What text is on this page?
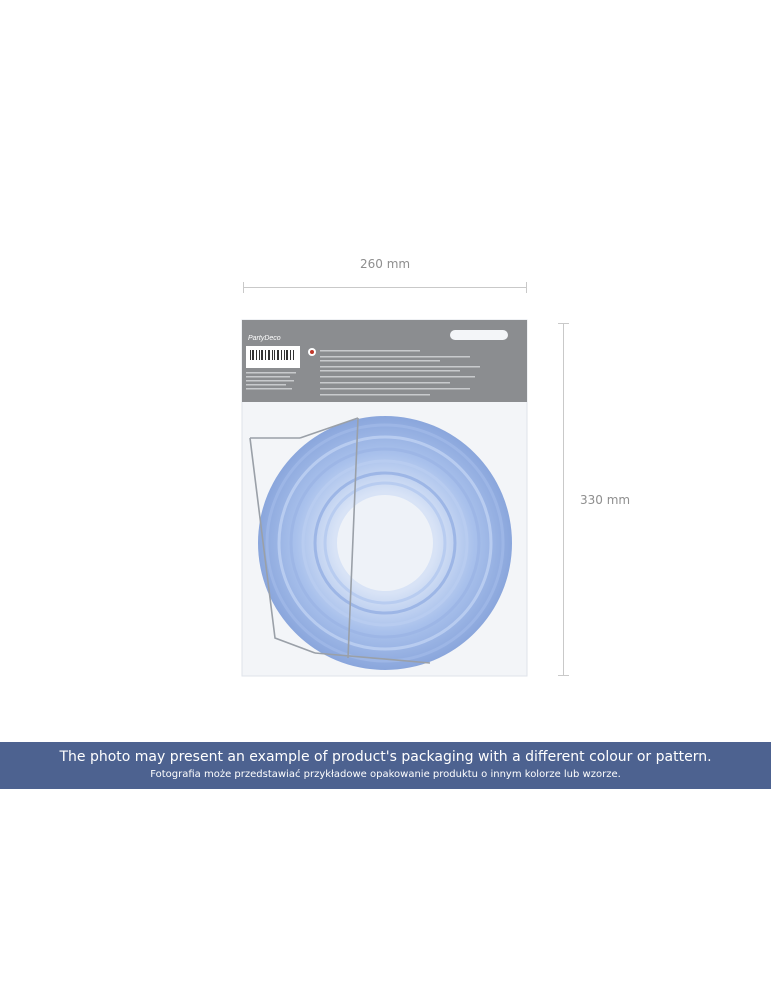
260 mm
330 mm
PartyDeco
The photo may present an example of product's packaging with a different colour or pattern.
Fotografia może przedstawiać przykładowe opakowanie produktu o innym kolorze lub wzorze.
